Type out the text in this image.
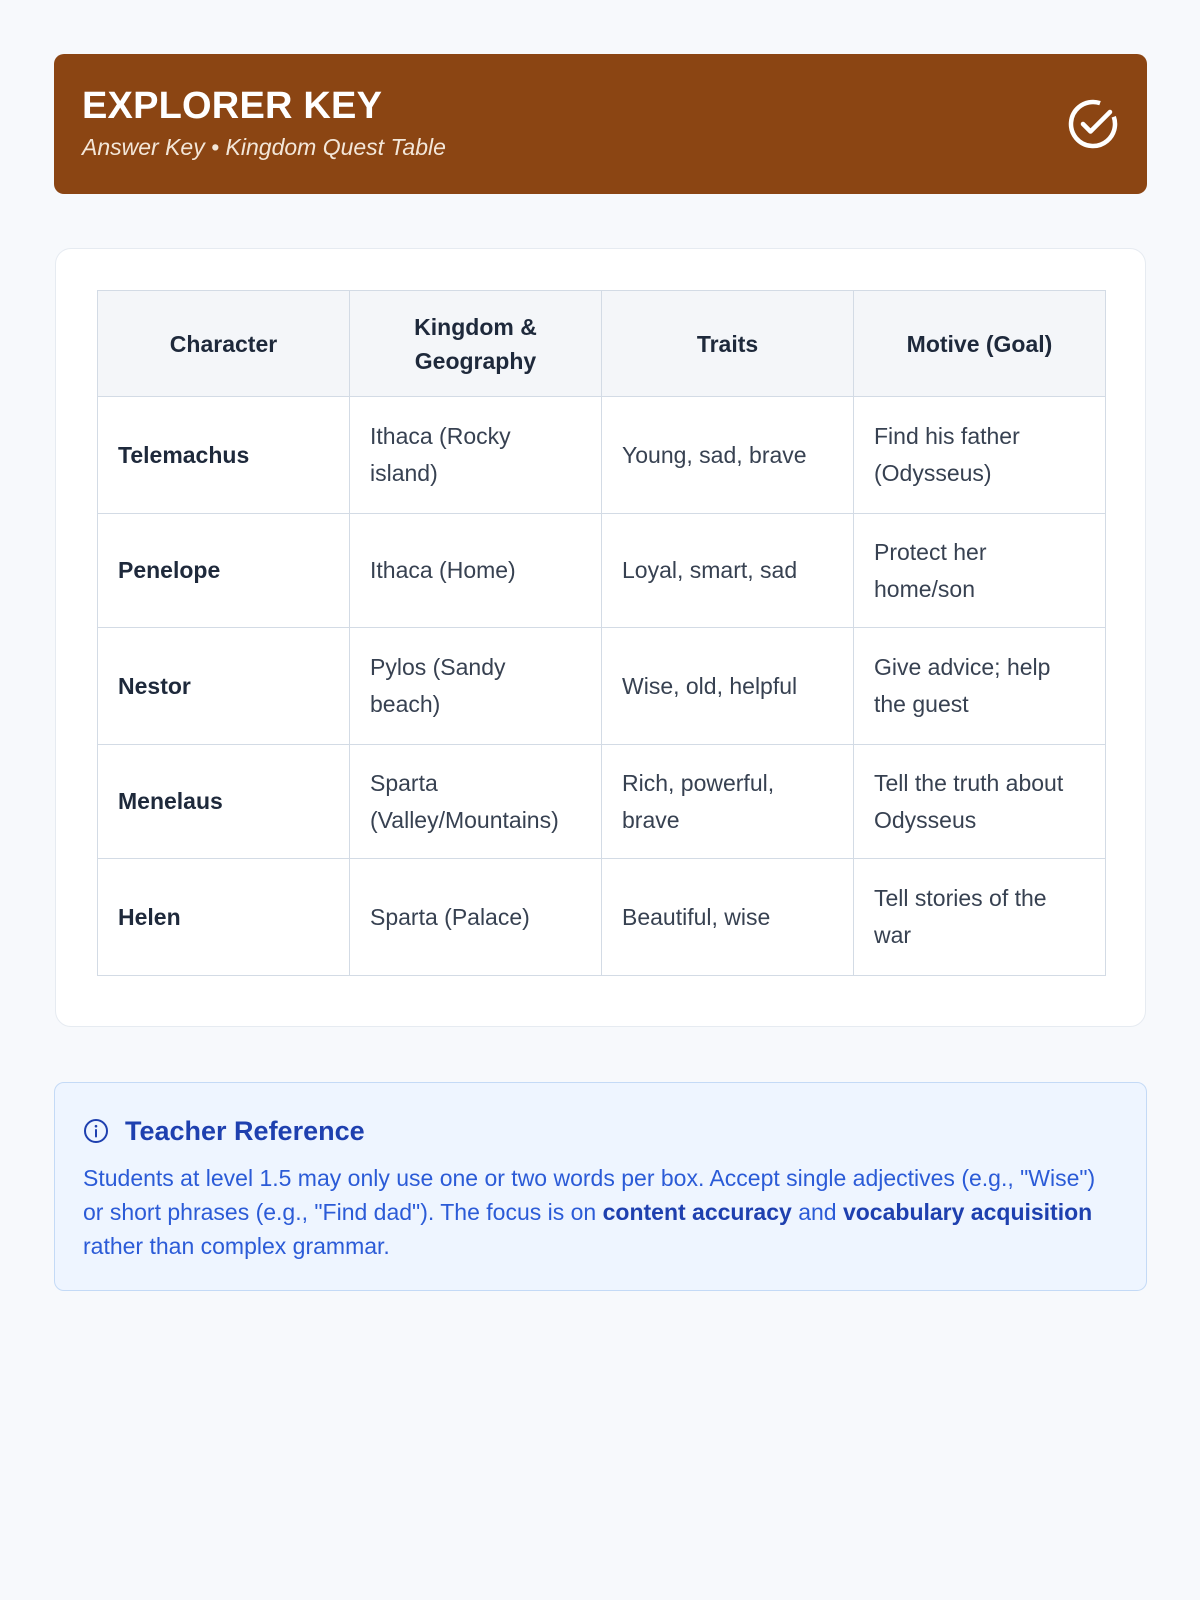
EXPLORER KEY
Answer Key • Kingdom Quest Table
Character	Kingdom & Geography	Traits	Motive (Goal)
Telemachus	Ithaca (Rocky island)	Young, sad, brave	Find his father (Odysseus)
Penelope	Ithaca (Home)	Loyal, smart, sad	Protect her home/son
Nestor	Pylos (Sandy beach)	Wise, old, helpful	Give advice; help the guest
Menelaus	Sparta (Valley/Mountains)	Rich, powerful, brave	Tell the truth about Odysseus
Helen	Sparta (Palace)	Beautiful, wise	Tell stories of the war
Teacher Reference
Students at level 1.5 may only use one or two words per box. Accept single adjectives (e.g., "Wise") or short phrases (e.g., "Find dad"). The focus is on content accuracy and vocabulary acquisition rather than complex grammar.
